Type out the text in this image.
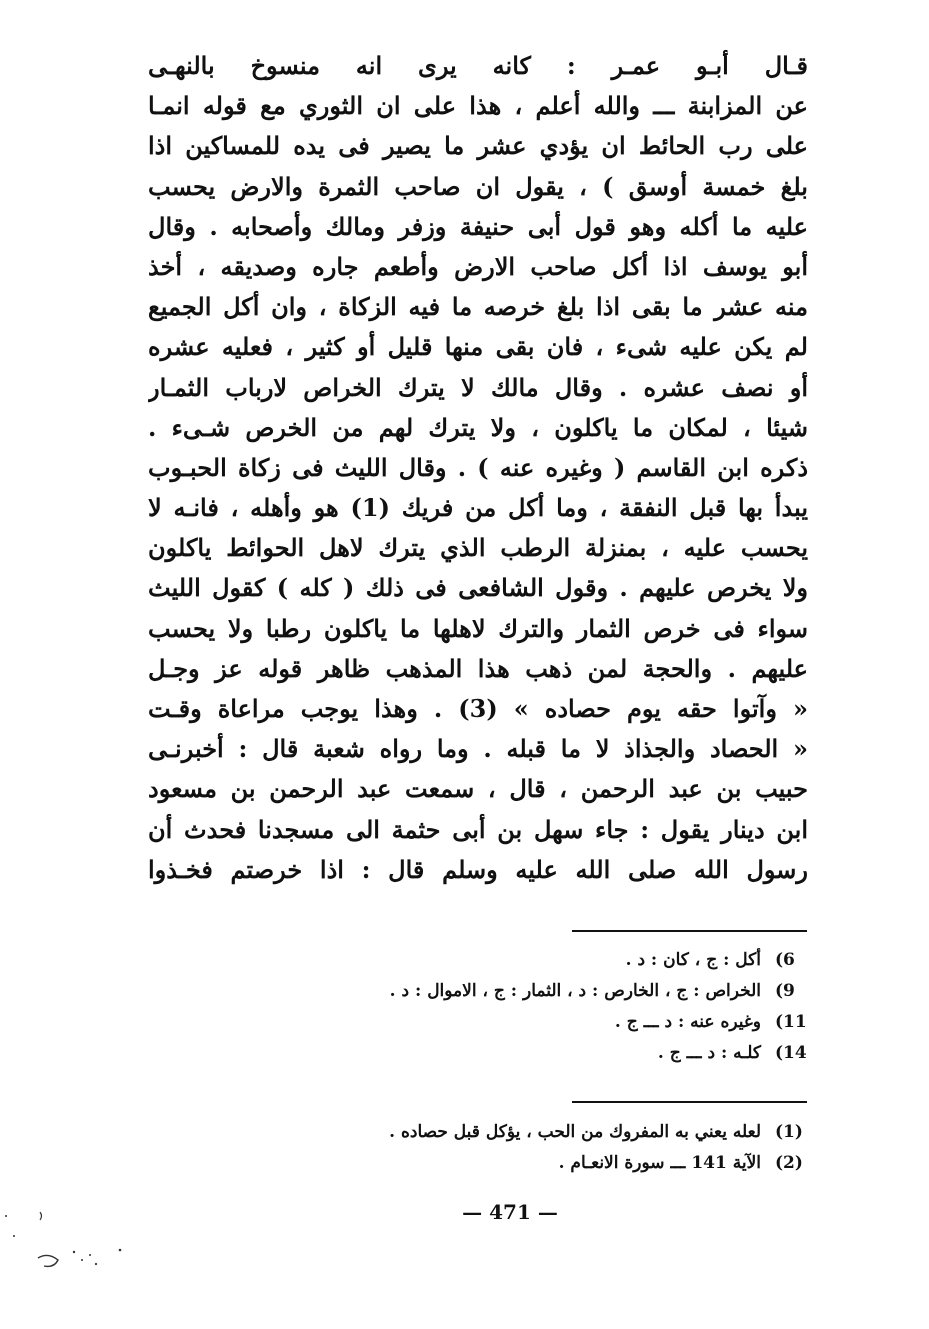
قـال أبـو عمـر : كانه يرى انه منسوخ بالنهـى
عن المزابنة ـــ والله أعلم ، هذا على ان الثوري مع قوله انمـا
على رب الحائط ان يؤدي عشر ما يصير فى يده للمساكين اذا
بلغ خمسة أوسق ) ، يقول ان صاحب الثمرة والارض يحسب
عليه ما أكله وهو قول أبى حنيفة وزفر ومالك وأصحابه . وقال
أبو يوسف اذا أكل صاحب الارض وأطعم جاره وصديقه ، أخذ
منه عشر ما بقى اذا بلغ خرصه ما فيه الزكاة ، وان أكل الجميع
لم يكن عليه شىء ، فان بقى منها قليل أو كثير ، فعليه عشره
أو نصف عشره . وقال مالك لا يترك الخراص لارباب الثمـار
شيئا ، لمكان ما ياكلون ، ولا يترك لهم من الخرص شـىء .
ذكره ابن القاسم ( وغيره عنه ) . وقال الليث فى زكاة الحبـوب
يبدأ بها قبل النفقة ، وما أكل من فريك (1) هو وأهله ، فانـه لا
يحسب عليه ، بمنزلة الرطب الذي يترك لاهل الحوائط ياكلون
ولا يخرص عليهم . وقول الشافعى فى ذلك ( كله ) كقول الليث
سواء فى خرص الثمار والترك لاهلها ما ياكلون رطبا ولا يحسب
عليهم . والحجة لمن ذهب هذا المذهب ظاهر قوله عز وجـل
« وآتوا حقه يوم حصاده » (3) . وهذا يوجب مراعاة وقـت
« الحصاد والجذاذ لا ما قبله . وما رواه شعبة قال : أخبرنـى
حبيب بن عبد الرحمن ، قال ، سمعت عبد الرحمن بن مسعود
ابن دينار يقول : جاء سهل بن أبى حثمة الى مسجدنا فحدث أن
رسول الله صلى الله عليه وسلم قال : اذا خرصتم فخـذوا
6)أكل : ج ، كان : د .
9)الخراص : ج ، الخارص : د ، الثمار : ج ، الاموال : د .
11)وغيره عنه : د ـــ ج .
14)كلـه : د ـــ ج .
(1)لعله يعني به المفروك من الحب ، يؤكل قبل حصاده .
(2)الآية 141 ـــ سورة الانعـام .
— 471 —
